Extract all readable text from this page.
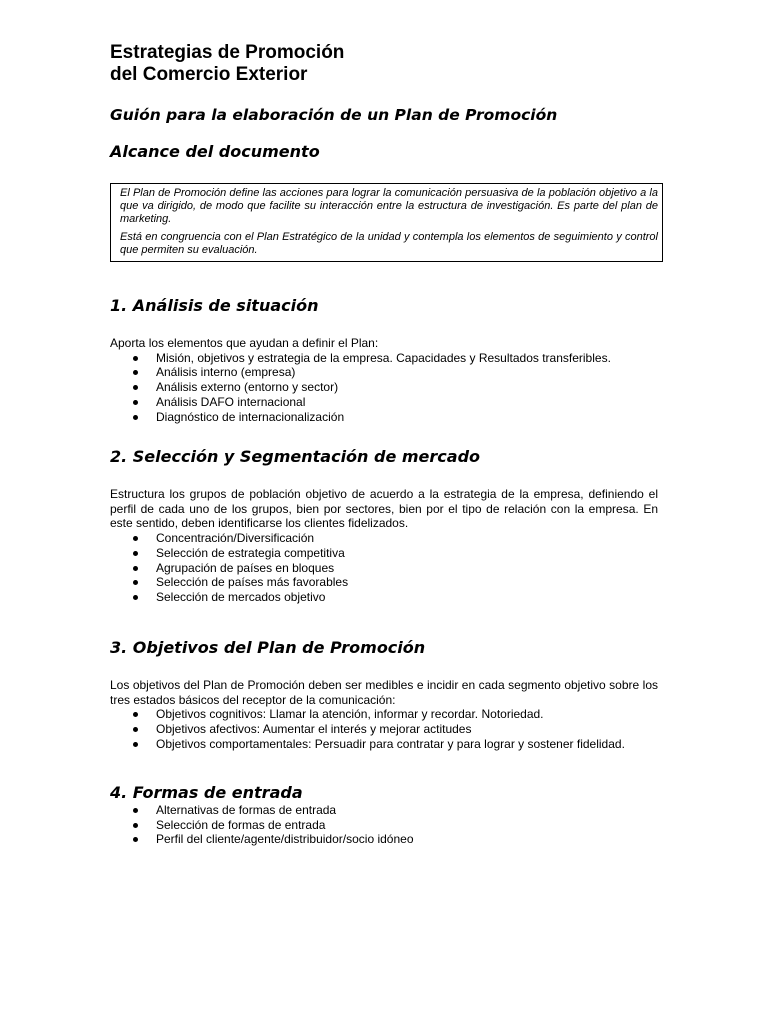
Estrategias de Promoción
del Comercio Exterior
Guión para la elaboración de un Plan de Promoción
Alcance del documento

El Plan de Promoción define las acciones para lograr la comunicación persuasiva de la población objetivo a la que va dirigido, de modo que facilite su interacción entre la estructura de investigación. Es parte del plan de marketing.

Está en congruencia con el Plan Estratégico de la unidad y contempla los elementos de seguimiento y control que permiten su evaluación.

1. Análisis de situación

Aporta los elementos que ayudan a definir el Plan:

Misión, objetivos y estrategia de la empresa. Capacidades y Resultados transferibles.
Análisis interno (empresa)
Análisis externo (entorno y sector)
Análisis DAFO internacional
Diagnóstico de internacionalización
2. Selección y Segmentación de mercado

Estructura los grupos de población objetivo de acuerdo a la estrategia de la empresa, definiendo el perfil de cada uno de los grupos, bien por sectores, bien por el tipo de relación con la empresa. En este sentido, deben identificarse los clientes fidelizados.

Concentración/Diversificación
Selección de estrategia competitiva
Agrupación de países en bloques
Selección de países más favorables
Selección de mercados objetivo
3. Objetivos del Plan de Promoción

Los objetivos del Plan de Promoción deben ser medibles e incidir en cada segmento objetivo sobre los tres estados básicos del receptor de la comunicación:

Objetivos cognitivos: Llamar la atención, informar y recordar. Notoriedad.
Objetivos afectivos: Aumentar el interés y mejorar actitudes
Objetivos comportamentales: Persuadir para contratar y para lograr y sostener fidelidad.
4. Formas de entrada
Alternativas de formas de entrada
Selección de formas de entrada
Perfil del cliente/agente/distribuidor/socio idóneo
